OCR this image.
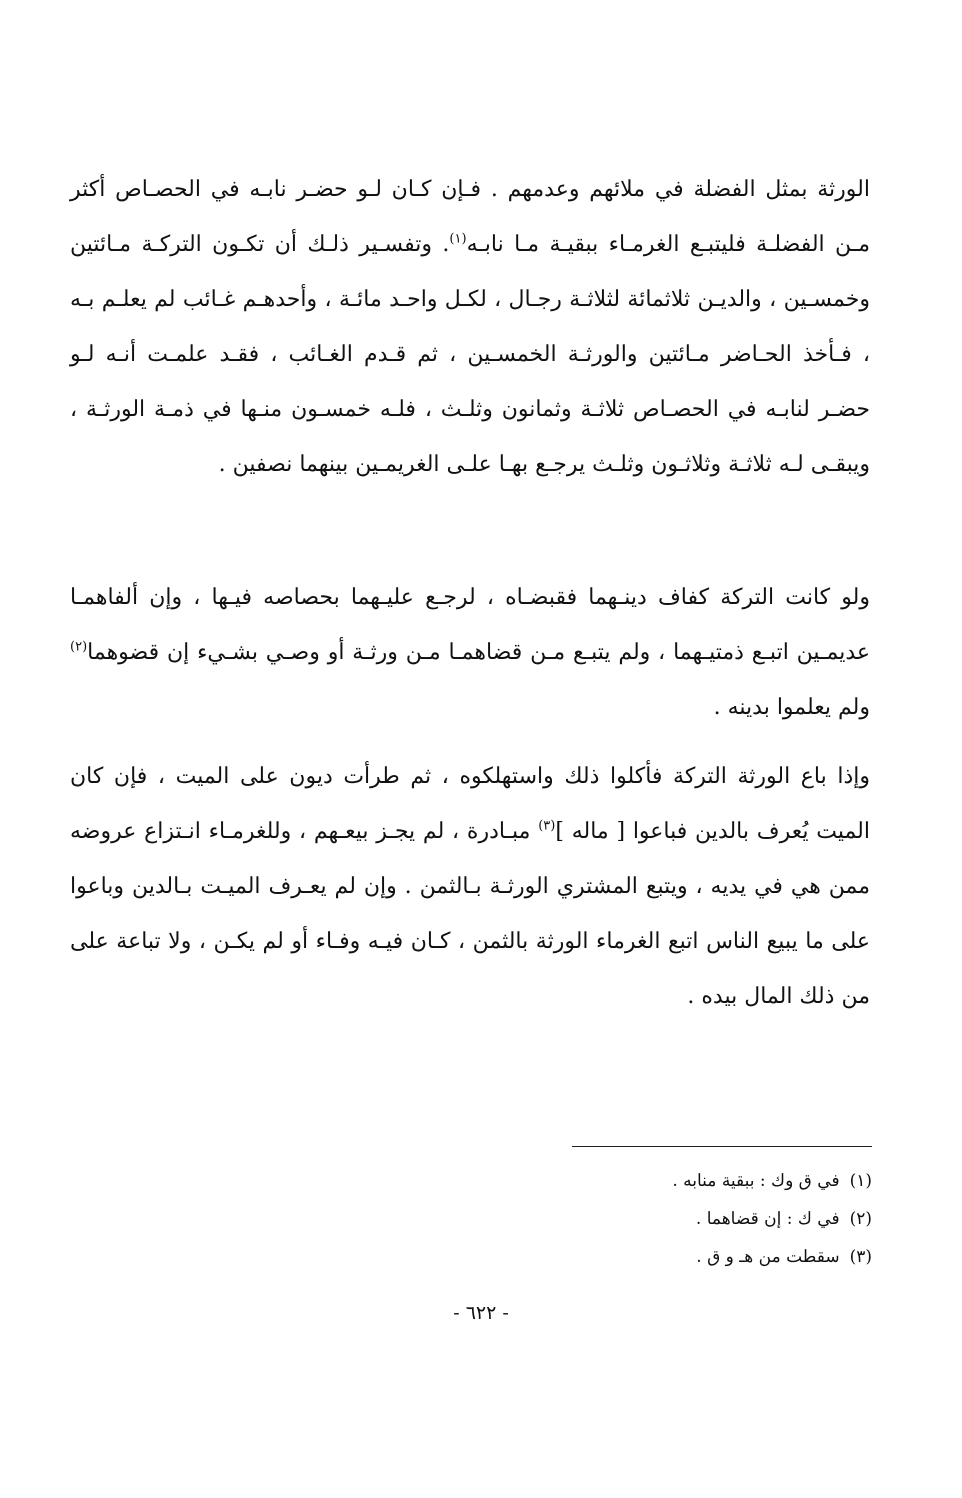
الورثة بمثل الفضلة في ملائهم وعدمهم . فـإن كـان لـو حضـر نابـه في الحصـاص أكثر مـن الفضلـة فليتبـع الغرمـاء ببقيـة مـا نابـه$^{(١)}$. وتفسـير ذلـك أن تكـون التركـة مـائتين وخمسـين ، والديـن ثلاثمائة لثلاثـة رجـال ، لكـل واحـد مائـة ، وأحدهـم غـائب لم يعلـم بـه ، فـأخذ الحـاضر مـائتين والورثـة الخمسـين ، ثم قـدم الغـائب ، فقـد علمـت أنـه لـو حضـر لنابـه في الحصـاص ثلاثـة وثمانون وثلـث ، فلـه خمسـون منـها في ذمـة الورثـة ، ويبقـى لـه ثلاثـة وثلاثـون وثلـث يرجـع بهـا علـى الغريمـين بينهما نصفين .

ولو كانت التركة كفاف دينـهما فقبضـاه ، لرجـع عليـهما بحصاصه فيـها ، وإن ألفاهمـا عديمـين اتبـع ذمتيـهما ، ولم يتبـع مـن قضاهمـا مـن ورثـة أو وصـي بشـيء إن قضوهما$^{(٢)}$ ولم يعلموا بدينه .

وإذا باع الورثة التركة فأكلوا ذلك واستهلكوه ، ثم طرأت ديون على الميت ، فإن كان الميت يُعرف بالدين فباعوا [ ماله ]$^{(٣)}$ مبـادرة ، لم يجـز بيعـهم ، وللغرمـاء انـتزاع عروضه ممن هي في يديه ، ويتبع المشتري الورثـة بـالثمن . وإن لم يعـرف الميـت بـالدين وباعوا على ما يبيع الناس اتبع الغرماء الورثة بالثمن ، كـان فيـه وفـاء أو لم يكـن ، ولا تباعة على من ذلك المال بيده .

(١)في ق وك : ببقية منابه .
(٢)في ك : إن قضاهما .
(٣)سقطت من هـ و ق .
- ٦٢٢ -
